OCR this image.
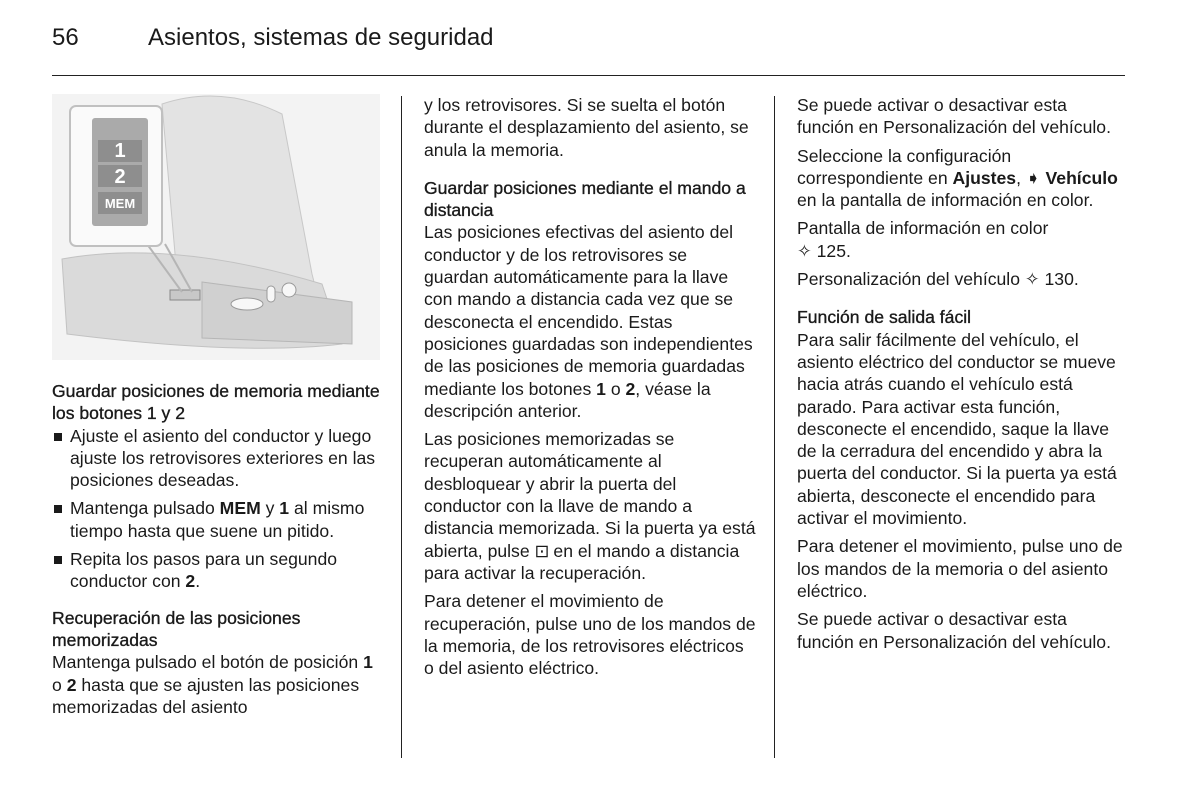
56	Asientos, sistemas de seguridad
1
2
MEM
Guardar posiciones de memoria mediante los botones 1 y 2
Ajuste el asiento del conductor y luego ajuste los retrovisores exteriores en las posiciones deseadas.
Mantenga pulsado MEM y 1 al mismo tiempo hasta que suene un pitido.
Repita los pasos para un segundo conductor con 2.
Recuperación de las posiciones memorizadas

Mantenga pulsado el botón de posición 1 o 2 hasta que se ajusten las posiciones memorizadas del asiento

y los retrovisores. Si se suelta el botón durante el desplazamiento del asiento, se anula la memoria.

Guardar posiciones mediante el mando a distancia

Las posiciones efectivas del asiento del conductor y de los retrovisores se guardan automáticamente para la llave con mando a distancia cada vez que se desconecta el encendido. Estas posiciones guardadas son independientes de las posiciones de memoria guardadas mediante los botones 1 o 2, véase la descripción anterior.

Las posiciones memorizadas se recuperan automáticamente al desbloquear y abrir la puerta del conductor con la llave de mando a distancia memorizada. Si la puerta ya está abierta, pulse ⊡ en el mando a distancia para activar la recuperación.

Para detener el movimiento de recuperación, pulse uno de los mandos de la memoria, de los retrovisores eléctricos o del asiento eléctrico.

Se puede activar o desactivar esta función en Personalización del vehículo.

Seleccione la configuración correspondiente en Ajustes, ➧ Vehículo en la pantalla de información en color.

Pantalla de información en color
✧ 125.

Personalización del vehículo ✧ 130.

Función de salida fácil

Para salir fácilmente del vehículo, el asiento eléctrico del conductor se mueve hacia atrás cuando el vehículo está parado. Para activar esta función, desconecte el encendido, saque la llave de la cerradura del encendido y abra la puerta del conductor. Si la puerta ya está abierta, desconecte el encendido para activar el movimiento.

Para detener el movimiento, pulse uno de los mandos de la memoria o del asiento eléctrico.

Se puede activar o desactivar esta función en Personalización del vehículo.
